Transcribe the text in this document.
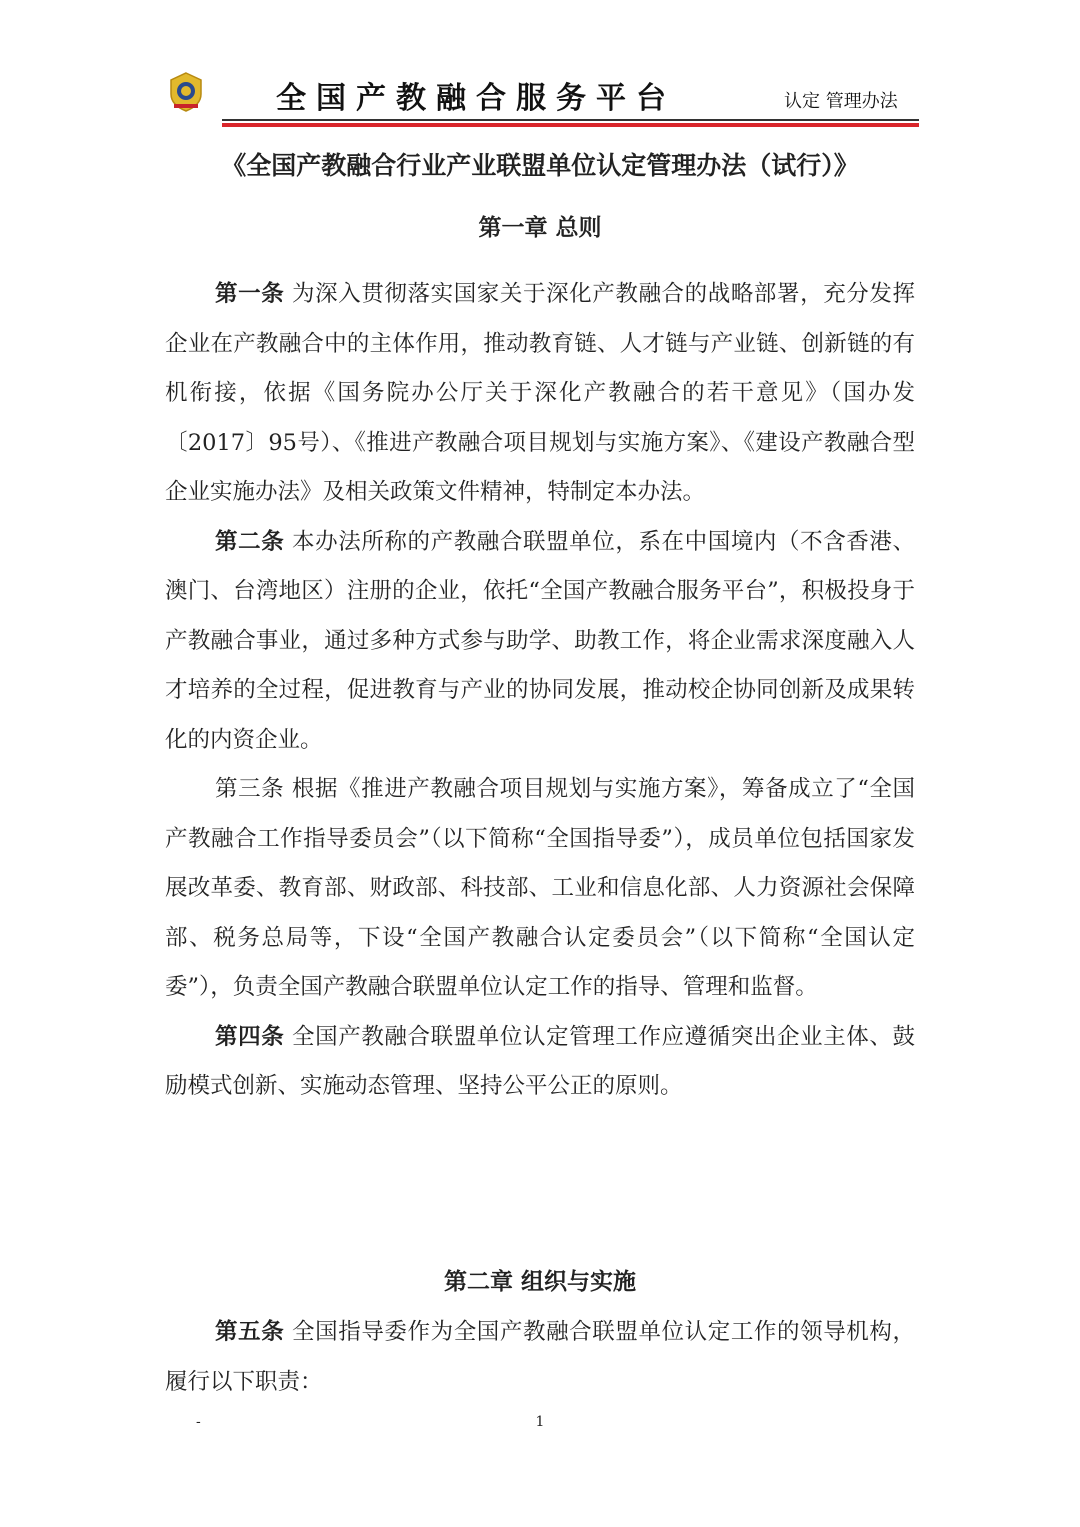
全国产教融合服务平台	认定 管理办法
《全国产教融合行业产业联盟单位认定管理办法（试行）》
第一章 总则

第一条 为深入贯彻落实国家关于深化产教融合的战略部署，充分发挥企业在产教融合中的主体作用，推动教育链、人才链与产业链、创新链的有机衔接，依据《国务院办公厅关于深化产教融合的若干意见》（国办发〔2017〕95号）、《推进产教融合项目规划与实施方案》、《建设产教融合型企业实施办法》及相关政策文件精神，特制定本办法。

第二条 本办法所称的产教融合联盟单位，系在中国境内（不含香港、澳门、台湾地区）注册的企业，依托“全国产教融合服务平台”，积极投身于产教融合事业，通过多种方式参与助学、助教工作，将企业需求深度融入人才培养的全过程，促进教育与产业的协同发展，推动校企协同创新及成果转化的内资企业。

第三条 根据《推进产教融合项目规划与实施方案》，筹备成立了“全国产教融合工作指导委员会”（以下简称“全国指导委”），成员单位包括国家发展改革委、教育部、财政部、科技部、工业和信息化部、人力资源社会保障部、税务总局等，下设“全国产教融合认定委员会”（以下简称“全国认定委”），负责全国产教融合联盟单位认定工作的指导、管理和监督。

第四条 全国产教融合联盟单位认定管理工作应遵循突出企业主体、鼓励模式创新、实施动态管理、坚持公平公正的原则。

第二章 组织与实施

第五条 全国指导委作为全国产教融合联盟单位认定工作的领导机构，履行以下职责：

-	1
